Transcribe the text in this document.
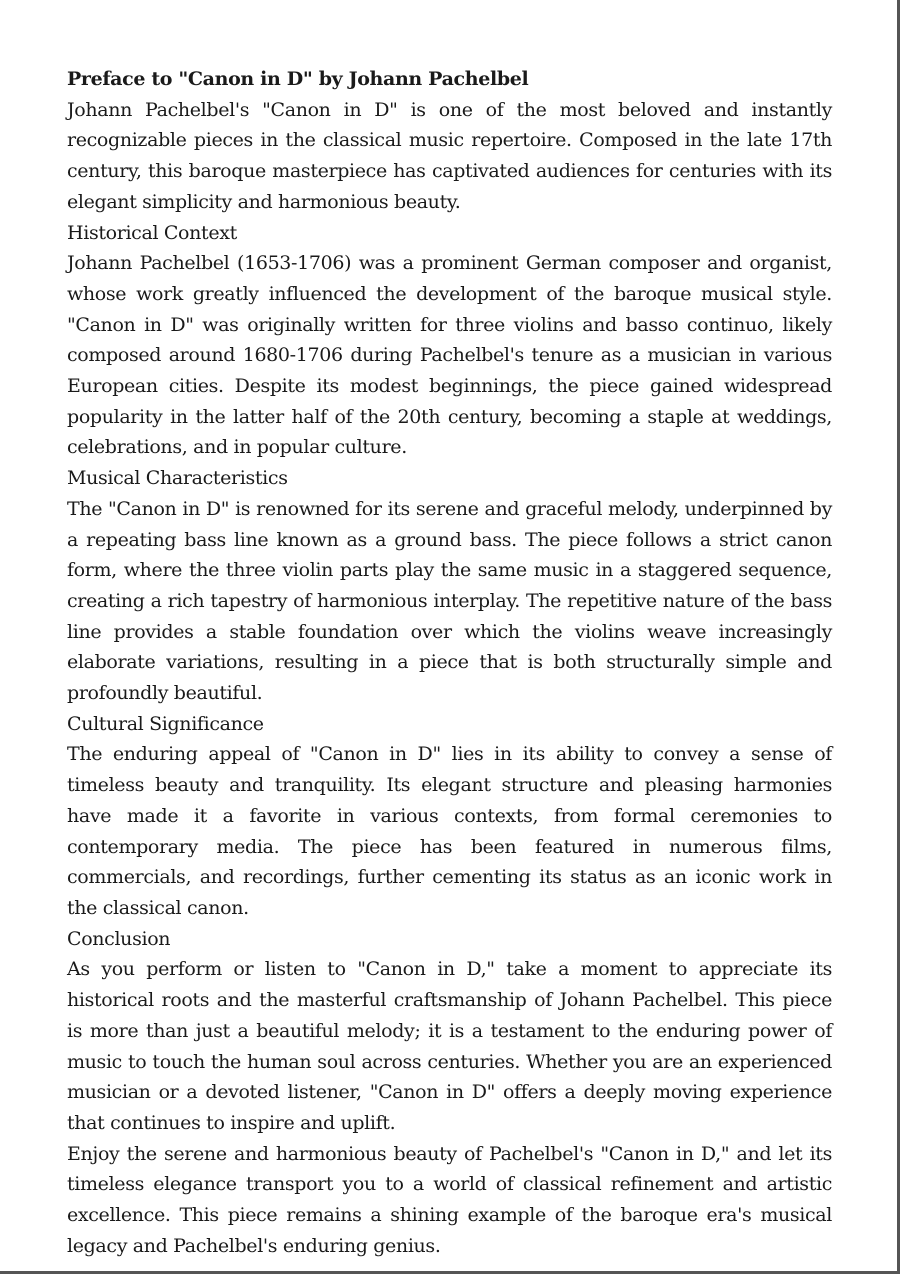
Preface to "Canon in D" by Johann Pachelbel

Johann Pachelbel's "Canon in D" is one of the most beloved and instantly recognizable pieces in the classical music repertoire. Composed in the late 17th century, this baroque masterpiece has captivated audiences for centuries with its elegant simplicity and harmonious beauty.

Historical Context

Johann Pachelbel (1653-1706) was a prominent German composer and organist, whose work greatly influenced the development of the baroque musical style. "Canon in D" was originally written for three violins and basso continuo, likely composed around 1680-1706 during Pachelbel's tenure as a musician in various European cities. Despite its modest beginnings, the piece gained widespread popularity in the latter half of the 20th century, becoming a staple at weddings, celebrations, and in popular culture.

Musical Characteristics

The "Canon in D" is renowned for its serene and graceful melody, underpinned by a repeating bass line known as a ground bass. The piece follows a strict canon form, where the three violin parts play the same music in a staggered sequence, creating a rich tapestry of harmonious interplay. The repetitive nature of the bass line provides a stable foundation over which the violins weave increasingly elaborate variations, resulting in a piece that is both structurally simple and profoundly beautiful.

Cultural Significance

The enduring appeal of "Canon in D" lies in its ability to convey a sense of timeless beauty and tranquility. Its elegant structure and pleasing harmonies have made it a favorite in various contexts, from formal ceremonies to contemporary media. The piece has been featured in numerous films, commercials, and recordings, further cementing its status as an iconic work in the classical canon.

Conclusion

As you perform or listen to "Canon in D," take a moment to appreciate its historical roots and the masterful craftsmanship of Johann Pachelbel. This piece is more than just a beautiful melody; it is a testament to the enduring power of music to touch the human soul across centuries. Whether you are an experienced musician or a devoted listener, "Canon in D" offers a deeply moving experience that continues to inspire and uplift.

Enjoy the serene and harmonious beauty of Pachelbel's "Canon in D," and let its timeless elegance transport you to a world of classical refinement and artistic excellence. This piece remains a shining example of the baroque era's musical legacy and Pachelbel's enduring genius.
